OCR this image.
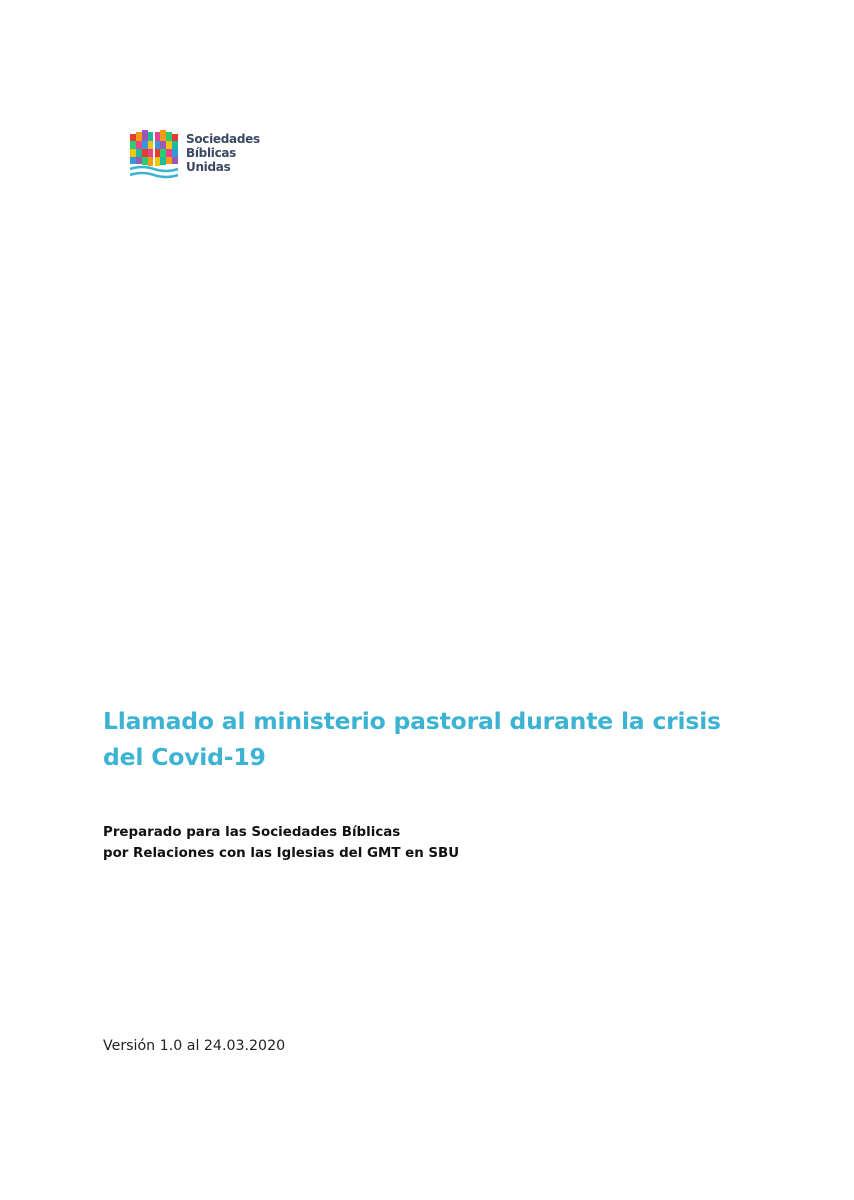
Sociedades
Bíblicas
Unidas
Llamado al ministerio pastoral durante la crisis
del Covid-19
Preparado para las Sociedades Bíblicas
por Relaciones con las Iglesias del GMT en SBU
Versión 1.0 al 24.03.2020
